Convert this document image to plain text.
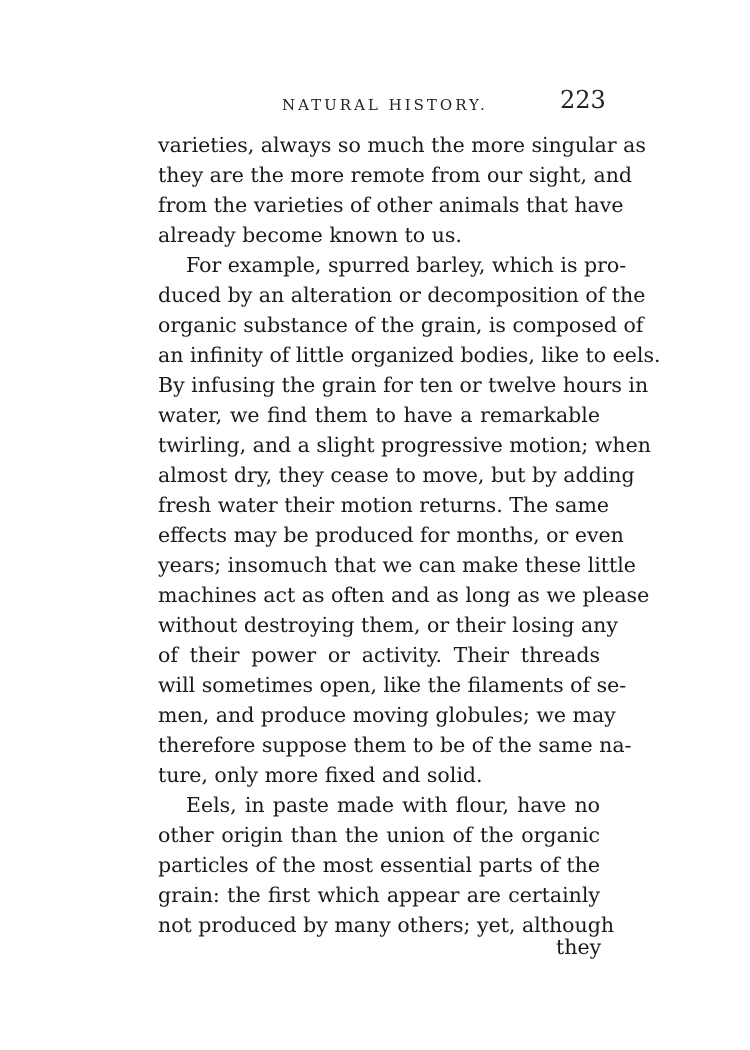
NATURAL HISTORY.	223
varieties, always so much the more singular as
they are the more remote from our sight, and
from the varieties of other animals that have
already become known to us.
For example, spurred barley, which is pro-
duced by an alteration or decomposition of the
organic substance of the grain, is composed of
an infinity of little organized bodies, like to eels.
By infusing the grain for ten or twelve hours in
water, we find them to have a remarkable
twirling, and a slight progressive motion; when
almost dry, they cease to move, but by adding
fresh water their motion returns. The same
effects may be produced for months, or even
years; insomuch that we can make these little
machines act as often and as long as we please
without destroying them, or their losing any
of their power or activity. Their threads
will sometimes open, like the filaments of se-
men, and produce moving globules; we may
therefore suppose them to be of the same na-
ture, only more fixed and solid.
Eels, in paste made with flour, have no
other origin than the union of the organic
particles of the most essential parts of the
grain: the first which appear are certainly
not produced by many others; yet, although
they
